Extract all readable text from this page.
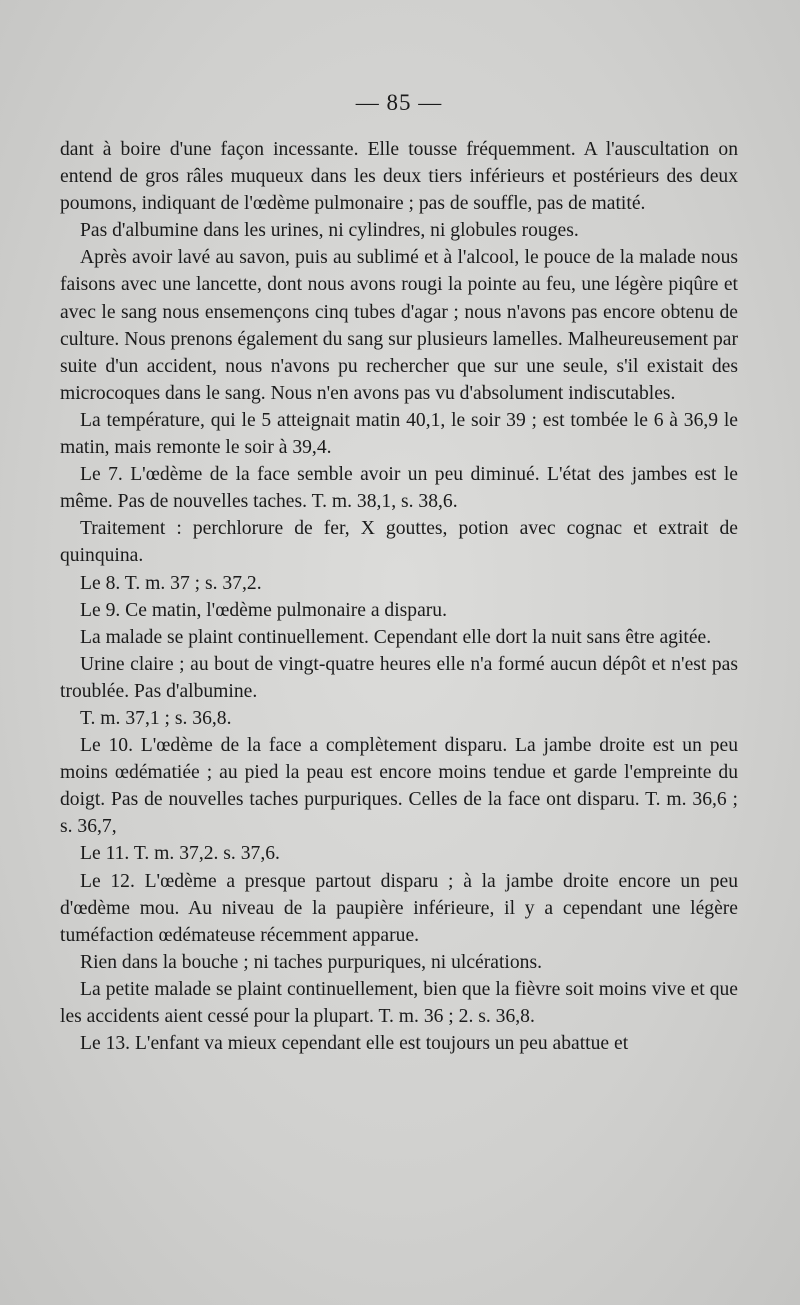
— 85 —

dant à boire d'une façon incessante. Elle tousse fréquemment. A l'auscultation on entend de gros râles muqueux dans les deux tiers inférieurs et postérieurs des deux poumons, indiquant de l'œdème pulmonaire ; pas de souffle, pas de matité.

Pas d'albumine dans les urines, ni cylindres, ni globules rouges.

Après avoir lavé au savon, puis au sublimé et à l'alcool, le pouce de la malade nous faisons avec une lancette, dont nous avons rougi la pointe au feu, une légère piqûre et avec le sang nous ensemençons cinq tubes d'agar ; nous n'avons pas encore obtenu de culture. Nous prenons également du sang sur plusieurs lamelles. Malheureusement par suite d'un accident, nous n'avons pu rechercher que sur une seule, s'il existait des microcoques dans le sang. Nous n'en avons pas vu d'absolument indiscutables.

La température, qui le 5 atteignait matin 40,1, le soir 39 ; est tombée le 6 à 36,9 le matin, mais remonte le soir à 39,4.

Le 7. L'œdème de la face semble avoir un peu diminué. L'état des jambes est le même. Pas de nouvelles taches. T. m. 38,1, s. 38,6.

Traitement : perchlorure de fer, X gouttes, potion avec cognac et extrait de quinquina.

Le 8. T. m. 37 ; s. 37,2.

Le 9. Ce matin, l'œdème pulmonaire a disparu.

La malade se plaint continuellement. Cependant elle dort la nuit sans être agitée.

Urine claire ; au bout de vingt-quatre heures elle n'a formé aucun dépôt et n'est pas troublée. Pas d'albumine.

T. m. 37,1 ; s. 36,8.

Le 10. L'œdème de la face a complètement disparu. La jambe droite est un peu moins œdématiée ; au pied la peau est encore moins tendue et garde l'empreinte du doigt. Pas de nouvelles taches purpuriques. Celles de la face ont disparu. T. m. 36,6 ; s. 36,7,

Le 11. T. m. 37,2. s. 37,6.

Le 12. L'œdème a presque partout disparu ; à la jambe droite encore un peu d'œdème mou. Au niveau de la paupière inférieure, il y a cependant une légère tuméfaction œdémateuse récemment apparue.

Rien dans la bouche ; ni taches purpuriques, ni ulcérations.

La petite malade se plaint continuellement, bien que la fièvre soit moins vive et que les accidents aient cessé pour la plupart. T. m. 36 ; 2. s. 36,8.

Le 13. L'enfant va mieux cependant elle est toujours un peu abattue et
